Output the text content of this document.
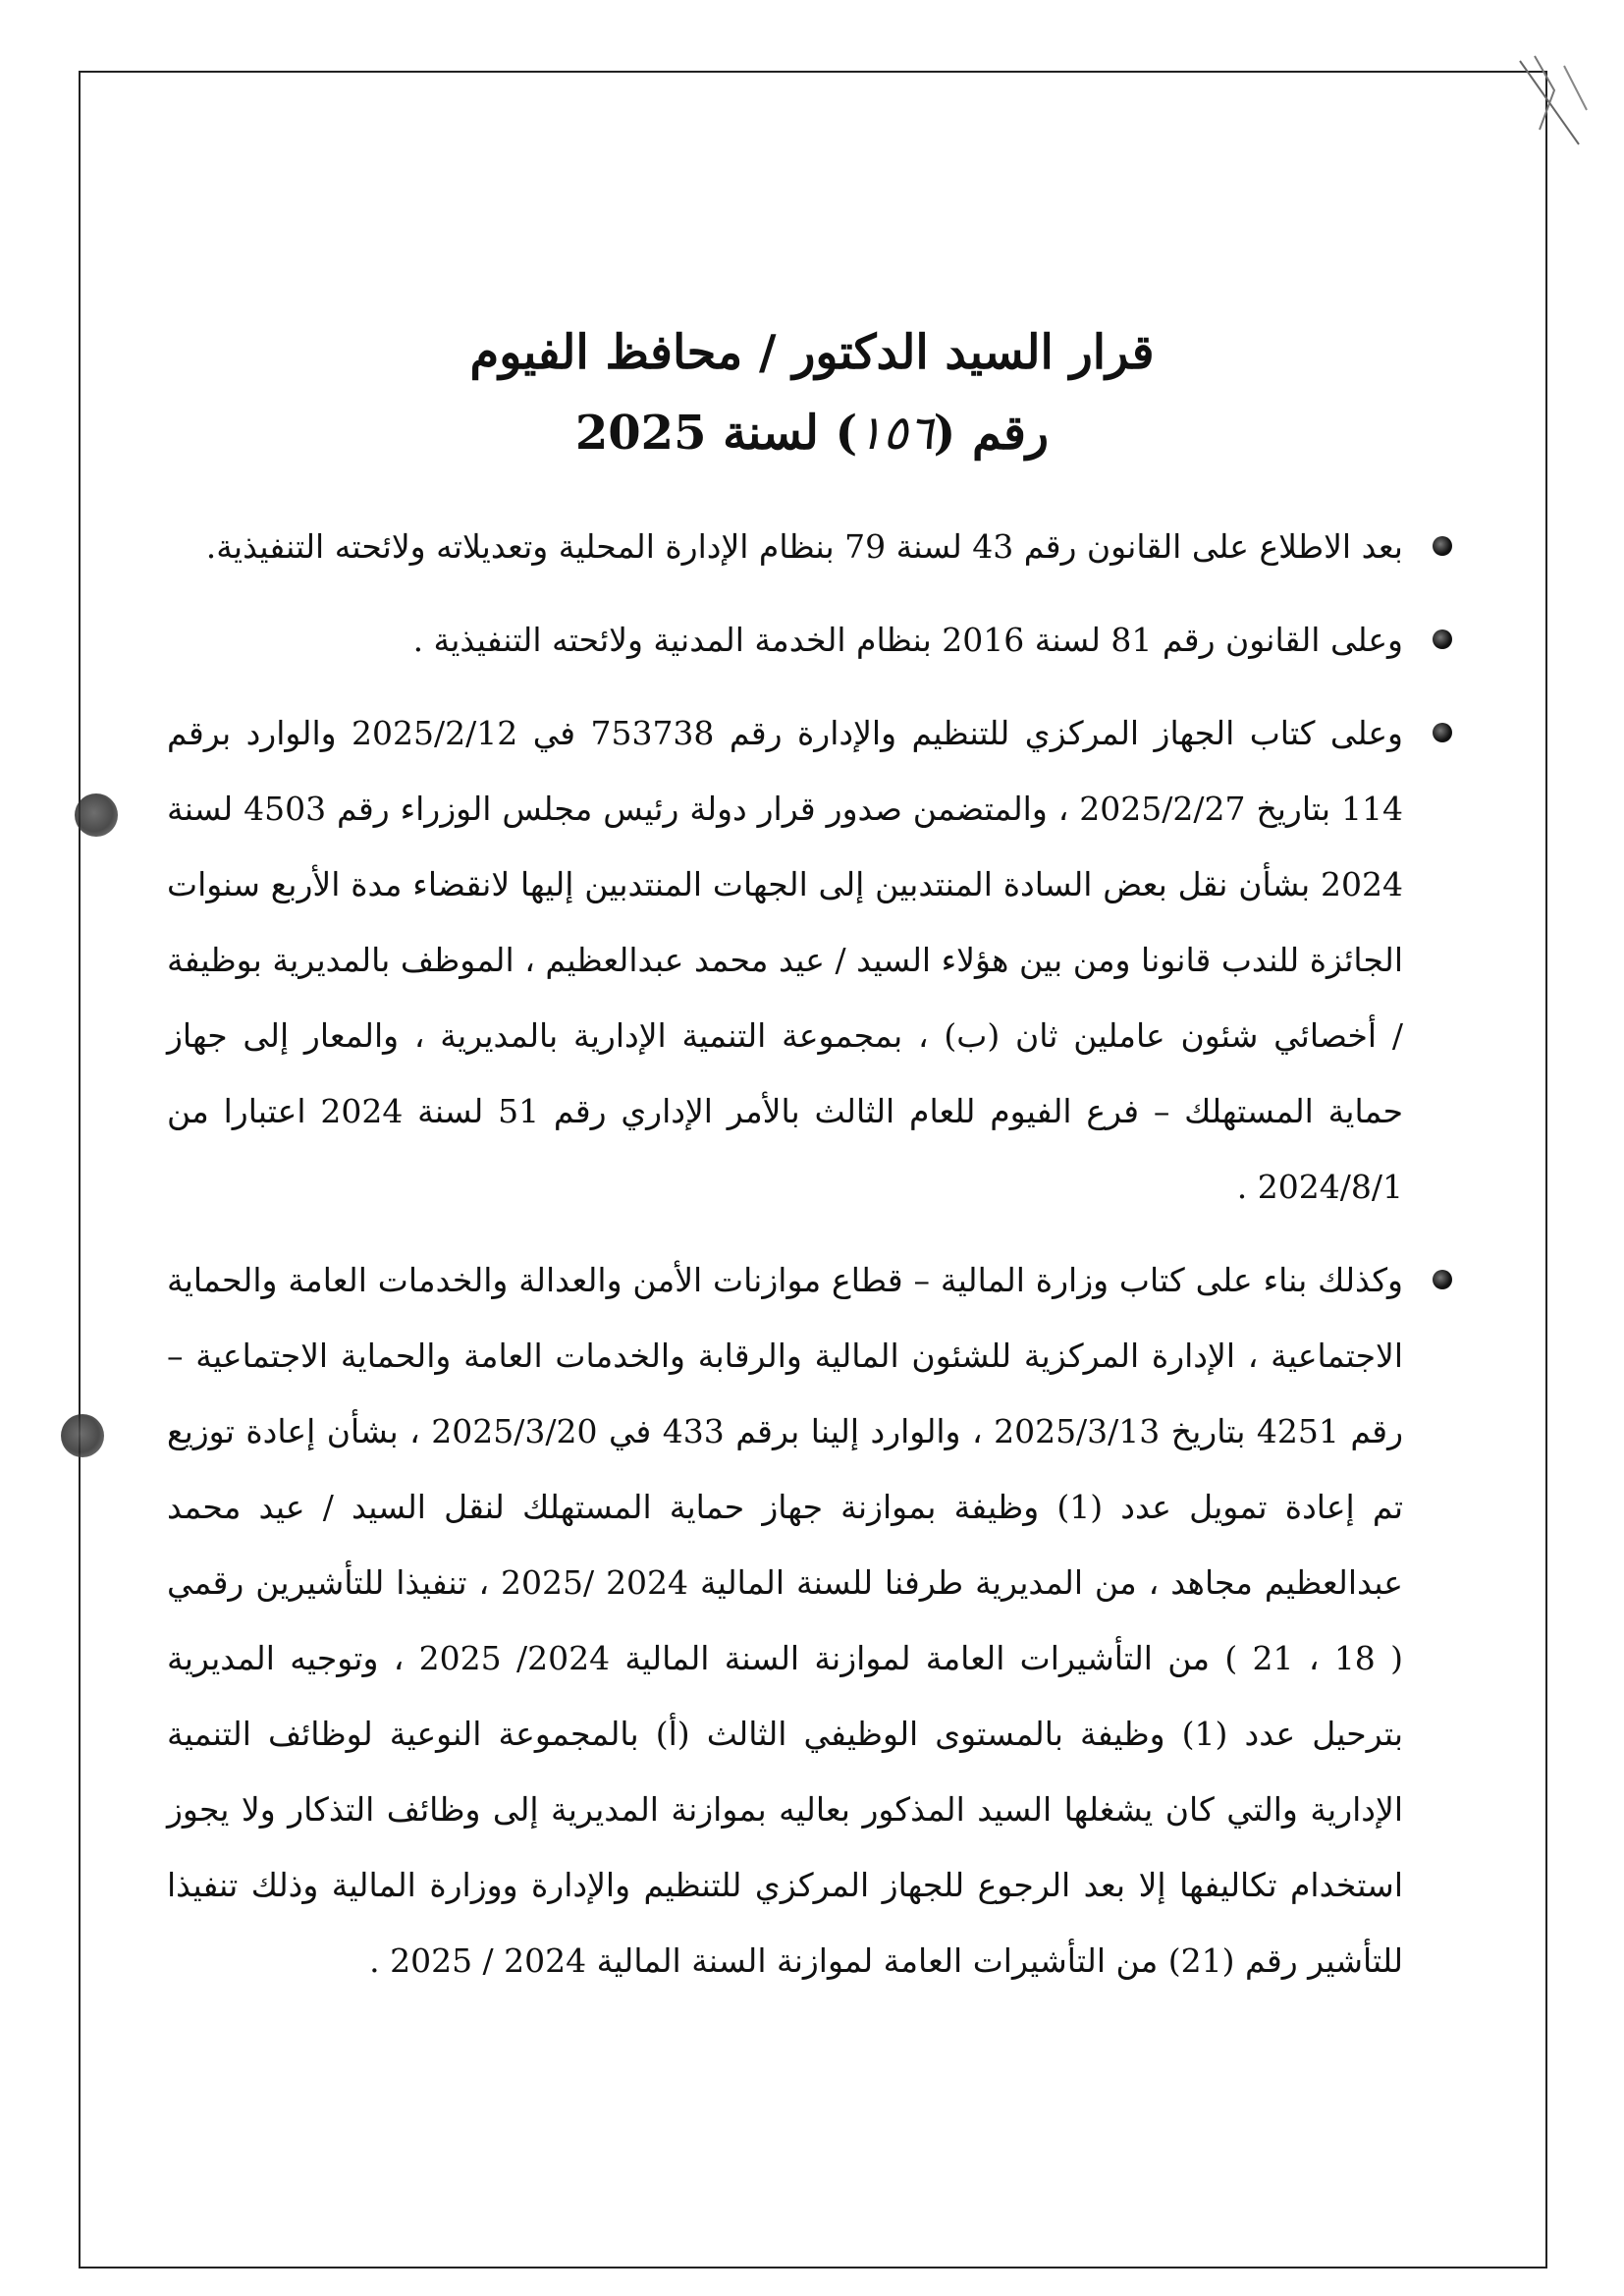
قرار السيد الدكتور / محافظ الفيوم
رقم (١٥٦) لسنة 2025
بعد الاطلاع على القانون رقم 43 لسنة 79 بنظام الإدارة المحلية وتعديلاته ولائحته التنفيذية.
وعلى القانون رقم 81 لسنة 2016 بنظام الخدمة المدنية ولائحته التنفيذية .
وعلى كتاب الجهاز المركزي للتنظيم والإدارة رقم 753738 في 2025/2/12 والوارد برقم 114 بتاريخ 2025/2/27 ، والمتضمن صدور قرار دولة رئيس مجلس الوزراء رقم 4503 لسنة 2024 بشأن نقل بعض السادة المنتدبين إلى الجهات المنتدبين إليها لانقضاء مدة الأربع سنوات الجائزة للندب قانونا ومن بين هؤلاء السيد / عيد محمد عبدالعظيم ، الموظف بالمديرية بوظيفة / أخصائي شئون عاملين ثان (ب) ، بمجموعة التنمية الإدارية بالمديرية ، والمعار إلى جهاز حماية المستهلك – فرع الفيوم للعام الثالث بالأمر الإداري رقم 51 لسنة 2024 اعتبارا من 2024/8/1 .
وكذلك بناء على كتاب وزارة المالية – قطاع موازنات الأمن والعدالة والخدمات العامة والحماية الاجتماعية ، الإدارة المركزية للشئون المالية والرقابة والخدمات العامة والحماية الاجتماعية – رقم 4251 بتاريخ 2025/3/13 ، والوارد إلينا برقم 433 في 2025/3/20 ، بشأن إعادة توزيع تم إعادة تمويل عدد (1) وظيفة بموازنة جهاز حماية المستهلك لنقل السيد / عيد محمد عبدالعظيم مجاهد ، من المديرية طرفنا للسنة المالية 2024 /2025 ، تنفيذا للتأشيرين رقمي ( 18 ، 21 ) من التأشيرات العامة لموازنة السنة المالية 2024/ 2025 ، وتوجيه المديرية بترحيل عدد (1) وظيفة بالمستوى الوظيفي الثالث (أ) بالمجموعة النوعية لوظائف التنمية الإدارية والتي كان يشغلها السيد المذكور بعاليه بموازنة المديرية إلى وظائف التذكار ولا يجوز استخدام تكاليفها إلا بعد الرجوع للجهاز المركزي للتنظيم والإدارة ووزارة المالية وذلك تنفيذا للتأشير رقم (21) من التأشيرات العامة لموازنة السنة المالية 2024 / 2025 .
